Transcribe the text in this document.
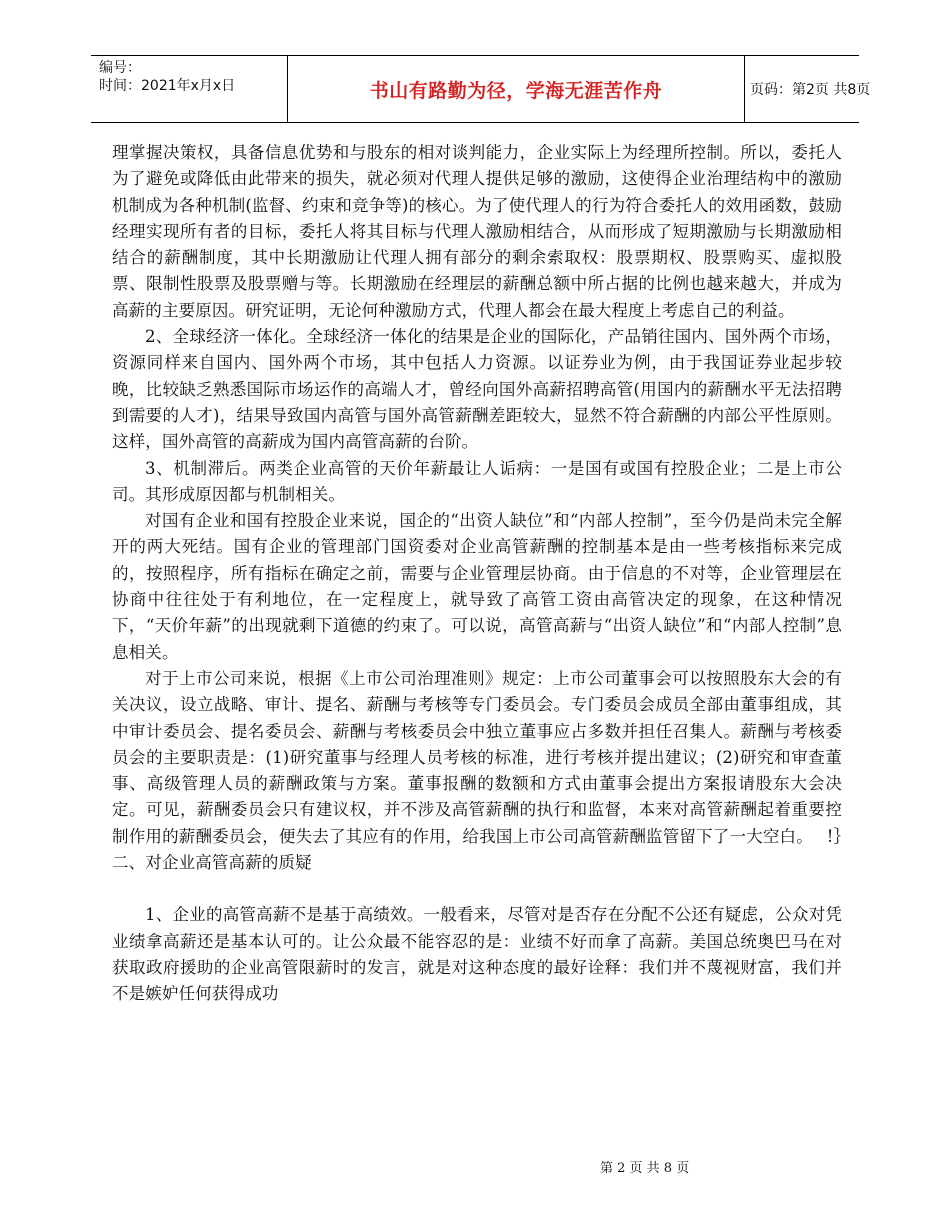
编号：
时间：2021年x月x日	书山有路勤为径，学海无涯苦作舟	页码：第2页 共8页

理掌握决策权，具备信息优势和与股东的相对谈判能力，企业实际上为经理所控制。所以，委托人为了避免或降低由此带来的损失，就必须对代理人提供足够的激励，这使得企业治理结构中的激励机制成为各种机制(监督、约束和竞争等)的核心。为了使代理人的行为符合委托人的效用函数，鼓励经理实现所有者的目标，委托人将其目标与代理人激励相结合，从而形成了短期激励与长期激励相结合的薪酬制度，其中长期激励让代理人拥有部分的剩余索取权：股票期权、股票购买、虚拟股票、限制性股票及股票赠与等。长期激励在经理层的薪酬总额中所占据的比例也越来越大，并成为高薪的主要原因。研究证明，无论何种激励方式，代理人都会在最大程度上考虑自己的利益。

2、全球经济一体化。全球经济一体化的结果是企业的国际化，产品销往国内、国外两个市场，资源同样来自国内、国外两个市场，其中包括人力资源。以证券业为例，由于我国证券业起步较晚，比较缺乏熟悉国际市场运作的高端人才，曾经向国外高薪招聘高管(用国内的薪酬水平无法招聘到需要的人才)，结果导致国内高管与国外高管薪酬差距较大，显然不符合薪酬的内部公平性原则。这样，国外高管的高薪成为国内高管高薪的台阶。

3、机制滞后。两类企业高管的天价年薪最让人诟病：一是国有或国有控股企业；二是上市公司。其形成原因都与机制相关。

对国有企业和国有控股企业来说，国企的“出资人缺位”和“内部人控制”，至今仍是尚未完全解开的两大死结。国有企业的管理部门国资委对企业高管薪酬的控制基本是由一些考核指标来完成的，按照程序，所有指标在确定之前，需要与企业管理层协商。由于信息的不对等，企业管理层在协商中往往处于有利地位，在一定程度上，就导致了高管工资由高管决定的现象，在这种情况下，“天价年薪”的出现就剩下道德的约束了。可以说，高管高薪与“出资人缺位”和“内部人控制”息息相关。

对于上市公司来说，根据《上市公司治理准则》规定：上市公司董事会可以按照股东大会的有关决议，设立战略、审计、提名、薪酬与考核等专门委员会。专门委员会成员全部由董事组成，其中审计委员会、提名委员会、薪酬与考核委员会中独立董事应占多数并担任召集人。薪酬与考核委员会的主要职责是：(1)研究董事与经理人员考核的标准，进行考核并提出建议；(2)研究和审查董事、高级管理人员的薪酬政策与方案。董事报酬的数额和方式由董事会提出方案报请股东大会决定。可见，薪酬委员会只有建议权，并不涉及高管薪酬的执行和监督，本来对高管薪酬起着重要控制作用的薪酬委员会，便失去了其应有的作用，给我国上市公司高管薪酬监管留下了一大空白。　 !｝二、对企业高管高薪的质疑

1、企业的高管高薪不是基于高绩效。一般看来，尽管对是否存在分配不公还有疑虑，公众对凭业绩拿高薪还是基本认可的。让公众最不能容忍的是：业绩不好而拿了高薪。美国总统奥巴马在对获取政府援助的企业高管限薪时的发言，就是对这种态度的最好诠释：我们并不蔑视财富，我们并不是嫉妒任何获得成功

第 2 页 共 8 页
